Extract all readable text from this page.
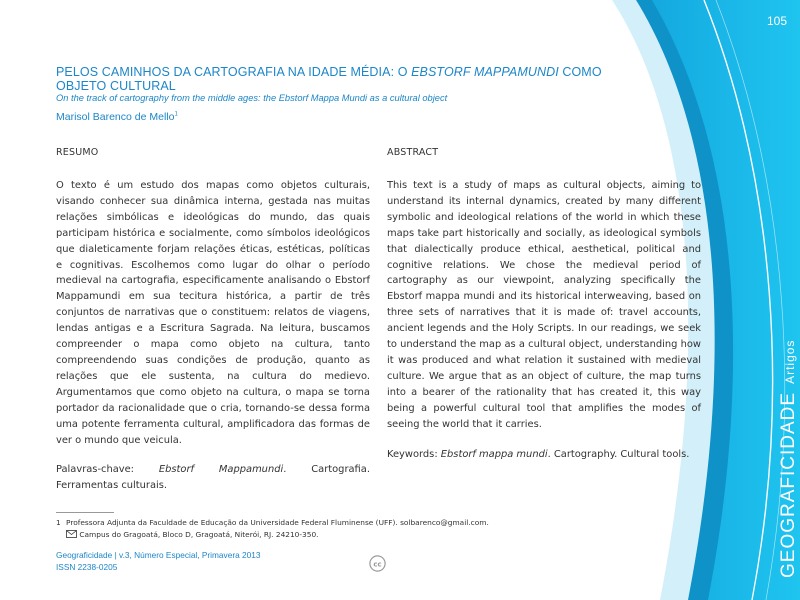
105
GEOGRAFICIDADEArtigos
PELOS CAMINHOS DA CARTOGRAFIA NA IDADE MÉDIA: O EBSTORF MAPPAMUNDI COMO
OBJETO CULTURAL
On the track of cartography from the middle ages: the Ebstorf Mappa Mundi as a cultural object
Marisol Barenco de Mello$^1$
RESUMO

O texto é um estudo dos mapas como objetos culturais, visando conhecer sua dinâmica interna, gestada nas muitas relações simbólicas e ideológicas do mundo, das quais participam histórica e socialmente, como símbolos ideológicos que dialeticamente forjam relações éticas, estéticas, políticas e cognitivas. Escolhemos como lugar do olhar o período medieval na cartografia, especificamente analisando o Ebstorf Mappamundi em sua tecitura histórica, a partir de três conjuntos de narrativas que o constituem: relatos de viagens, lendas antigas e a Escritura Sagrada. Na leitura, buscamos compreender o mapa como objeto na cultura, tanto compreendendo suas condições de produção, quanto as relações que ele sustenta, na cultura do medievo. Argumentamos que como objeto na cultura, o mapa se torna portador da racionalidade que o cria, tornando-se dessa forma uma potente ferramenta cultural, amplificadora das formas de ver o mundo que veicula.

Palavras-chave: Ebstorf Mappamundi. Cartografia. Ferramentas culturais.

ABSTRACT

This text is a study of maps as cultural objects, aiming to understand its internal dynamics, created by many different symbolic and ideological relations of the world in which these maps take part historically and socially, as ideological symbols that dialectically produce ethical, aesthetical, political and cognitive relations. We chose the medieval period of cartography as our viewpoint, analyzing specifically the Ebstorf mappa mundi and its historical interweaving, based on three sets of narratives that it is made of: travel accounts, ancient legends and the Holy Scripts. In our readings, we seek to understand the map as a cultural object, understanding how it was produced and what relation it sustained with medieval culture. We argue that as an object of culture, the map turns into a bearer of the rationality that has created it, this way being a powerful cultural tool that amplifies the modes of seeing the world that it carries.

Keywords: Ebstorf mappa mundi. Cartography. Cultural tools.

1 Professora Adjunta da Faculdade de Educação da Universidade Federal Fluminense (UFF). solbarenco@gmail.com.
Campus do Gragoatá, Bloco D, Gragoatá, Niterói, RJ. 24210-350.
Geograficidade | v.3, Número Especial, Primavera 2013
ISSN 2238-0205	cc
